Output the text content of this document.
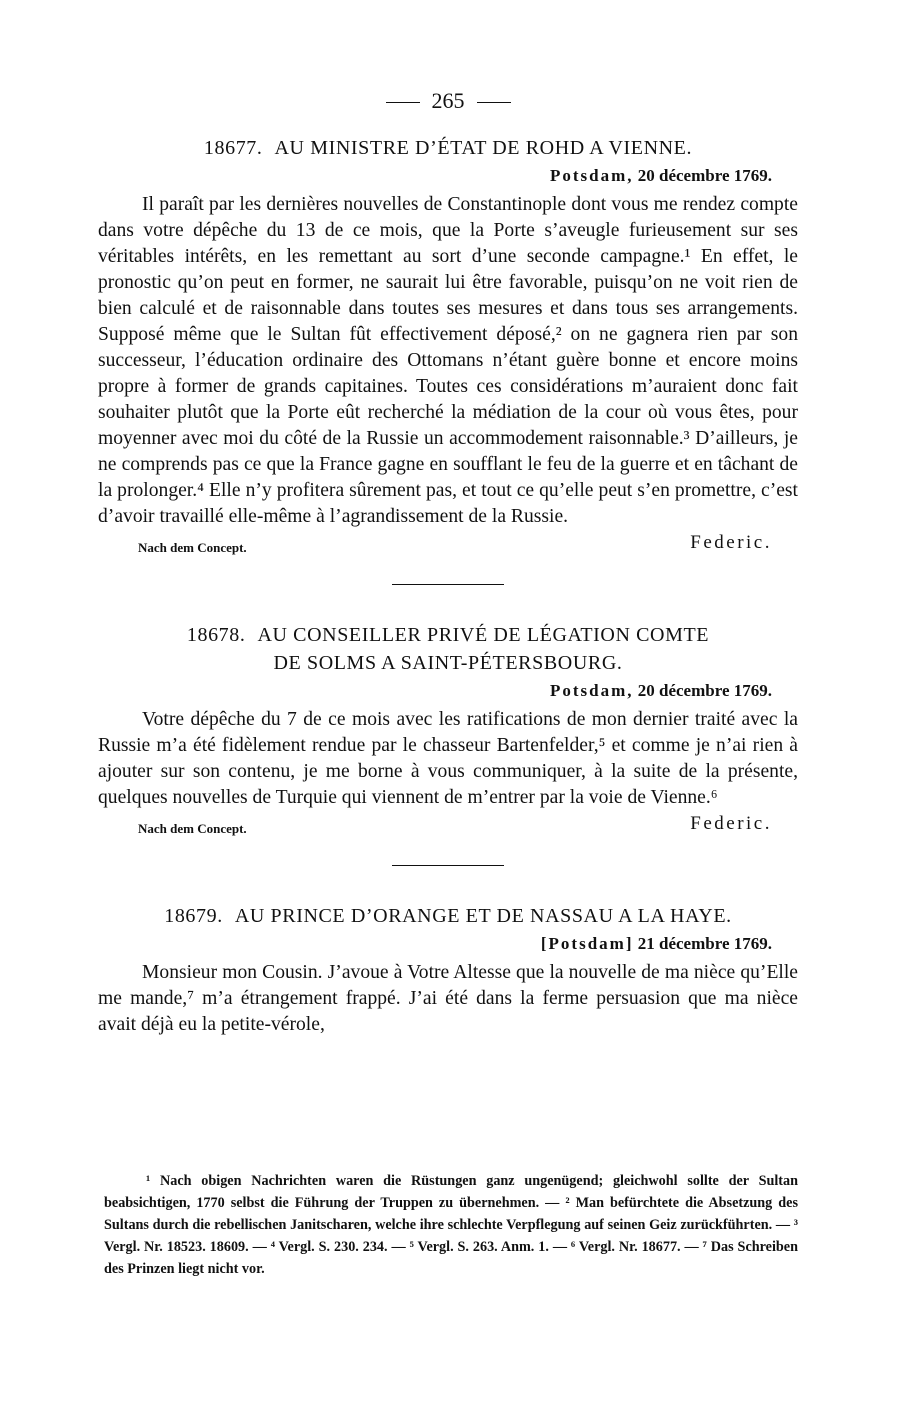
265
18677. AU MINISTRE D’ÉTAT DE ROHD A VIENNE.
Potsdam, 20 décembre 1769.

Il paraît par les dernières nouvelles de Constantinople dont vous me rendez compte dans votre dépêche du 13 de ce mois, que la Porte s’aveugle furieusement sur ses véritables intérêts, en les remettant au sort d’une seconde campagne.¹ En effet, le pronostic qu’on peut en former, ne saurait lui être favorable, puisqu’on ne voit rien de bien calculé et de raisonnable dans toutes ses mesures et dans tous ses arrangements. Supposé même que le Sultan fût effectivement déposé,² on ne gagnera rien par son successeur, l’éducation ordinaire des Ottomans n’étant guère bonne et encore moins propre à former de grands capitaines. Toutes ces considérations m’auraient donc fait souhaiter plutôt que la Porte eût recherché la médiation de la cour où vous êtes, pour moyenner avec moi du côté de la Russie un accommodement raisonnable.³ D’ailleurs, je ne comprends pas ce que la France gagne en soufflant le feu de la guerre et en tâchant de la prolonger.⁴ Elle n’y profitera sûrement pas, et tout ce qu’elle peut s’en promettre, c’est d’avoir travaillé elle-même à l’agrandissement de la Russie.

Nach dem Concept.	Federic.
18678. AU CONSEILLER PRIVÉ DE LÉGATION COMTE
DE SOLMS A SAINT-PÉTERSBOURG.
Potsdam, 20 décembre 1769.

Votre dépêche du 7 de ce mois avec les ratifications de mon dernier traité avec la Russie m’a été fidèlement rendue par le chasseur Bartenfelder,⁵ et comme je n’ai rien à ajouter sur son contenu, je me borne à vous communiquer, à la suite de la présente, quelques nouvelles de Turquie qui viennent de m’entrer par la voie de Vienne.⁶

Nach dem Concept.	Federic.
18679. AU PRINCE D’ORANGE ET DE NASSAU A LA HAYE.
[Potsdam] 21 décembre 1769.

Monsieur mon Cousin. J’avoue à Votre Altesse que la nouvelle de ma nièce qu’Elle me mande,⁷ m’a étrangement frappé. J’ai été dans la ferme persuasion que ma nièce avait déjà eu la petite-vérole,

¹ Nach obigen Nachrichten waren die Rüstungen ganz ungenügend; gleichwohl sollte der Sultan beabsichtigen, 1770 selbst die Führung der Truppen zu übernehmen. — ² Man befürchtete die Absetzung des Sultans durch die rebellischen Janitscharen, welche ihre schlechte Verpflegung auf seinen Geiz zurückführten. — ³ Vergl. Nr. 18523. 18609. — ⁴ Vergl. S. 230. 234. — ⁵ Vergl. S. 263. Anm. 1. — ⁶ Vergl. Nr. 18677. — ⁷ Das Schreiben des Prinzen liegt nicht vor.
